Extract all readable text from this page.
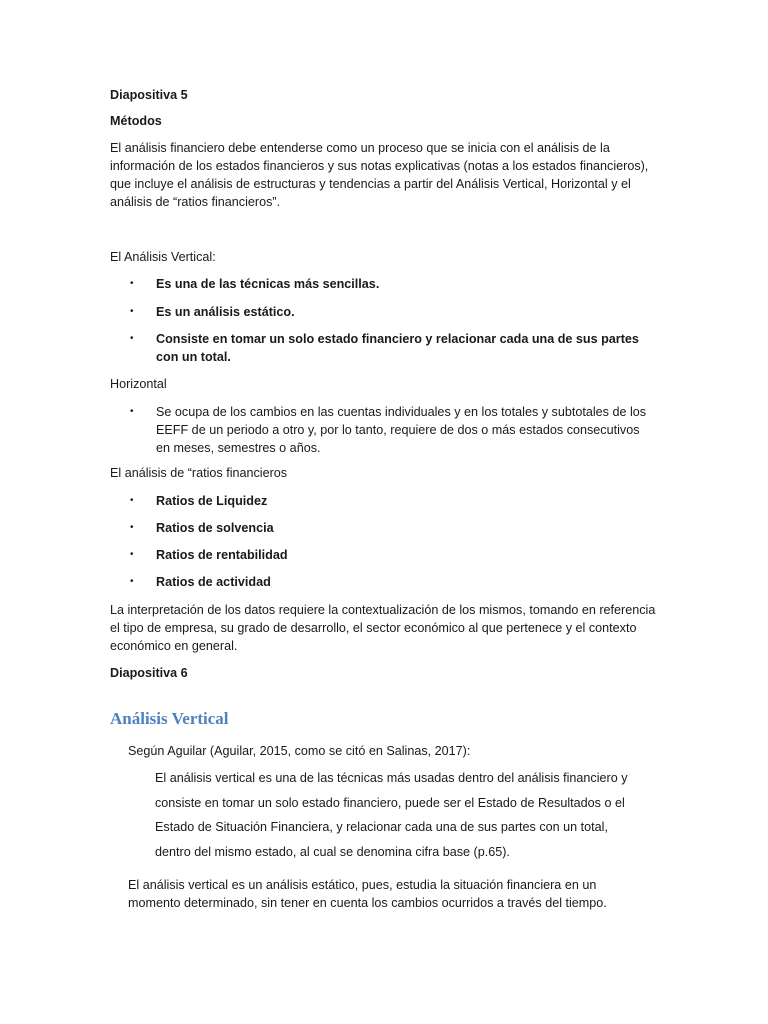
Diapositiva 5

Métodos

El análisis financiero debe entenderse como un proceso que se inicia con el análisis de la información de los estados financieros y sus notas explicativas (notas a los estados financieros), que incluye el análisis de estructuras y tendencias a partir del Análisis Vertical, Horizontal y el análisis de “ratios financieros”.

El Análisis Vertical:

• Es una de las técnicas más sencillas.
• Es un análisis estático.
• Consiste en tomar un solo estado financiero y relacionar cada una de sus partes con un total.

Horizontal

• Se ocupa de los cambios en las cuentas individuales y en los totales y subtotales de los EEFF de un periodo a otro y, por lo tanto, requiere de dos o más estados consecutivos en meses, semestres o años.

El análisis de “ratios financieros

• Ratios de Liquidez
• Ratios de solvencia
• Ratios de rentabilidad
• Ratios de actividad

La interpretación de los datos requiere la contextualización de los mismos, tomando en referencia el tipo de empresa, su grado de desarrollo, el sector económico al que pertenece y el contexto económico en general.

Diapositiva 6

Análisis Vertical

Según Aguilar (Aguilar, 2015, como se citó en Salinas, 2017):

El análisis vertical es una de las técnicas más usadas dentro del análisis financiero y consiste en tomar un solo estado financiero, puede ser el Estado de Resultados o el Estado de Situación Financiera, y relacionar cada una de sus partes con un total, dentro del mismo estado, al cual se denomina cifra base (p.65).

El análisis vertical es un análisis estático, pues, estudia la situación financiera en un momento determinado, sin tener en cuenta los cambios ocurridos a través del tiempo.
